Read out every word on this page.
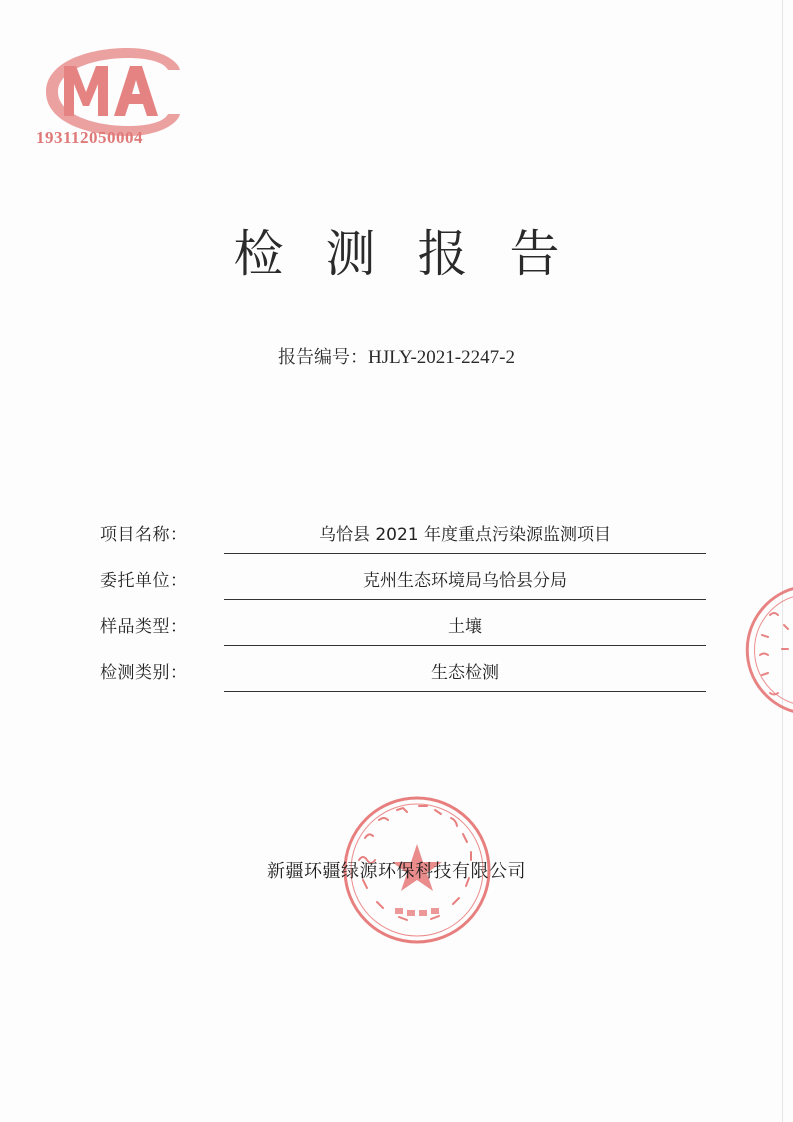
193112050004
检测报告
报告编号：HJLY-2021-2247-2
项目名称：	乌恰县 2021 年度重点污染源监测项目
委托单位：	克州生态环境局乌恰县分局
样品类型：	土壤
检测类别：	生态检测
新疆环疆绿源环保科技有限公司
